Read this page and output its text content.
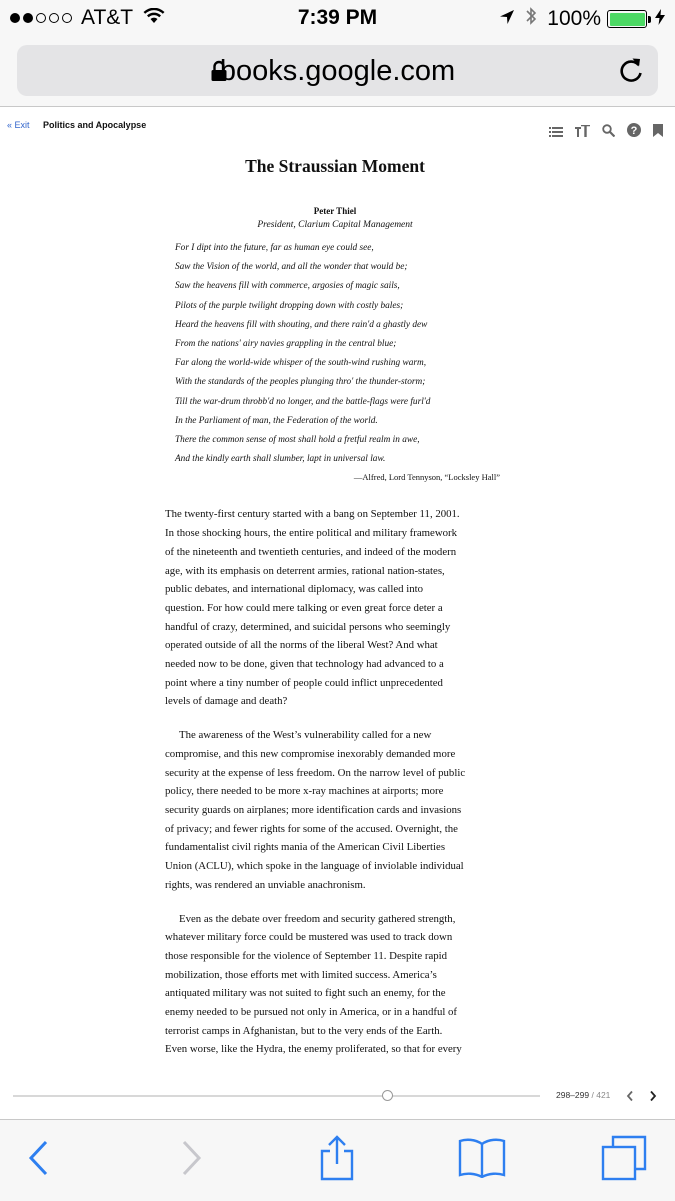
AT&T	7:39 PM	100%
books.google.com
« Exit Politics and Apocalypse	?
The Straussian Moment
Peter Thiel
President, Clarium Capital Management
For I dipt into the future, far as human eye could see,
Saw the Vision of the world, and all the wonder that would be;
Saw the heavens fill with commerce, argosies of magic sails,
Pilots of the purple twilight dropping down with costly bales;
Heard the heavens fill with shouting, and there rain'd a ghastly dew
From the nations' airy navies grappling in the central blue;
Far along the world-wide whisper of the south-wind rushing warm,
With the standards of the peoples plunging thro' the thunder-storm;
Till the war-drum throbb'd no longer, and the battle-flags were furl'd
In the Parliament of man, the Federation of the world.
There the common sense of most shall hold a fretful realm in awe,
And the kindly earth shall slumber, lapt in universal law.
—Alfred, Lord Tennyson, “Locksley Hall”

The twenty-first century started with a bang on September 11, 2001.
In those shocking hours, the entire political and military framework
of the nineteenth and twentieth centuries, and indeed of the modern
age, with its emphasis on deterrent armies, rational nation-states,
public debates, and international diplomacy, was called into
question. For how could mere talking or even great force deter a
handful of crazy, determined, and suicidal persons who seemingly
operated outside of all the norms of the liberal West? And what
needed now to be done, given that technology had advanced to a
point where a tiny number of people could inflict unprecedented
levels of damage and death?

The awareness of the West’s vulnerability called for a new
compromise, and this new compromise inexorably demanded more
security at the expense of less freedom. On the narrow level of public
policy, there needed to be more x-ray machines at airports; more
security guards on airplanes; more identification cards and invasions
of privacy; and fewer rights for some of the accused. Overnight, the
fundamentalist civil rights mania of the American Civil Liberties
Union (ACLU), which spoke in the language of inviolable individual
rights, was rendered an unviable anachronism.

Even as the debate over freedom and security gathered strength,
whatever military force could be mustered was used to track down
those responsible for the violence of September 11. Despite rapid
mobilization, those efforts met with limited success. America’s
antiquated military was not suited to fight such an enemy, for the
enemy needed to be pursued not only in America, or in a handful of
terrorist camps in Afghanistan, but to the very ends of the Earth.
Even worse, like the Hydra, the enemy proliferated, so that for every

298–299 / 421
